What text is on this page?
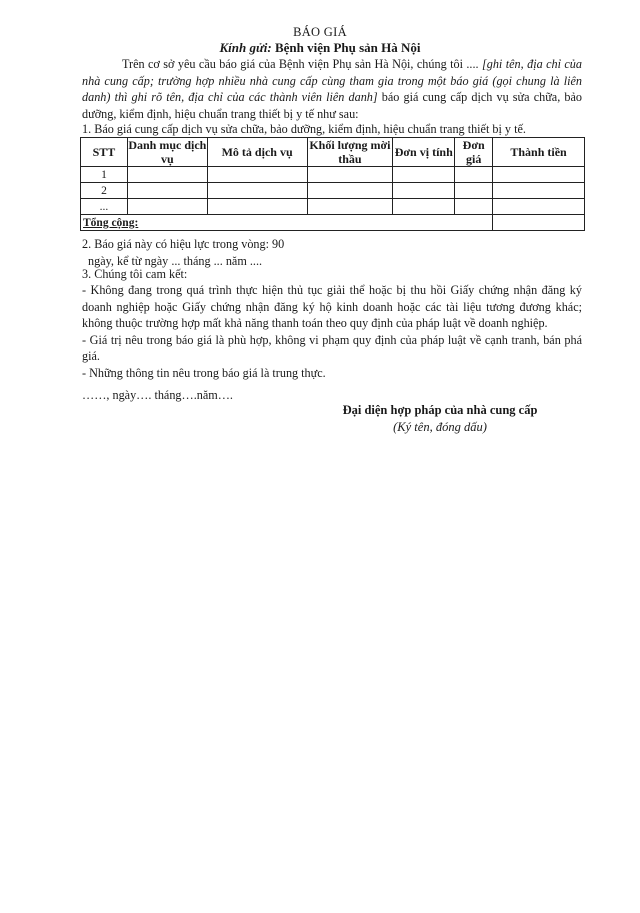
BÁO GIÁ
Kính gửi: Bệnh viện Phụ sản Hà Nội
Trên cơ sở yêu cầu báo giá của Bệnh viện Phụ sản Hà Nội, chúng tôi .... [ghi tên, địa chỉ của nhà cung cấp; trường hợp nhiều nhà cung cấp cùng tham gia trong một báo giá (gọi chung là liên danh) thì ghi rõ tên, địa chỉ của các thành viên liên danh] báo giá cung cấp dịch vụ sửa chữa, bảo dưỡng, kiểm định, hiệu chuẩn trang thiết bị y tế như sau:
1. Báo giá cung cấp dịch vụ sửa chữa, bảo dưỡng, kiểm định, hiệu chuẩn trang thiết bị y tế.
STT	Danh mục dịch vụ	Mô tả dịch vụ	Khối lượng mời thầu	Đơn vị tính	Đơn giá	Thành tiền
1						
2						
...						
Tổng cộng:						
2. Báo giá này có hiệu lực trong vòng: 90
ngày, kể từ ngày ... tháng ... năm ....
3. Chúng tôi cam kết:

- Không đang trong quá trình thực hiện thủ tục giải thể hoặc bị thu hồi Giấy chứng nhận đăng ký doanh nghiệp hoặc Giấy chứng nhận đăng ký hộ kinh doanh hoặc các tài liệu tương đương khác; không thuộc trường hợp mất khả năng thanh toán theo quy định của pháp luật về doanh nghiệp.

- Giá trị nêu trong báo giá là phù hợp, không vi phạm quy định của pháp luật về cạnh tranh, bán phá giá.

- Những thông tin nêu trong báo giá là trung thực.

……, ngày…. tháng….năm….
Đại diện hợp pháp của nhà cung cấp
(Ký tên, đóng dấu)
